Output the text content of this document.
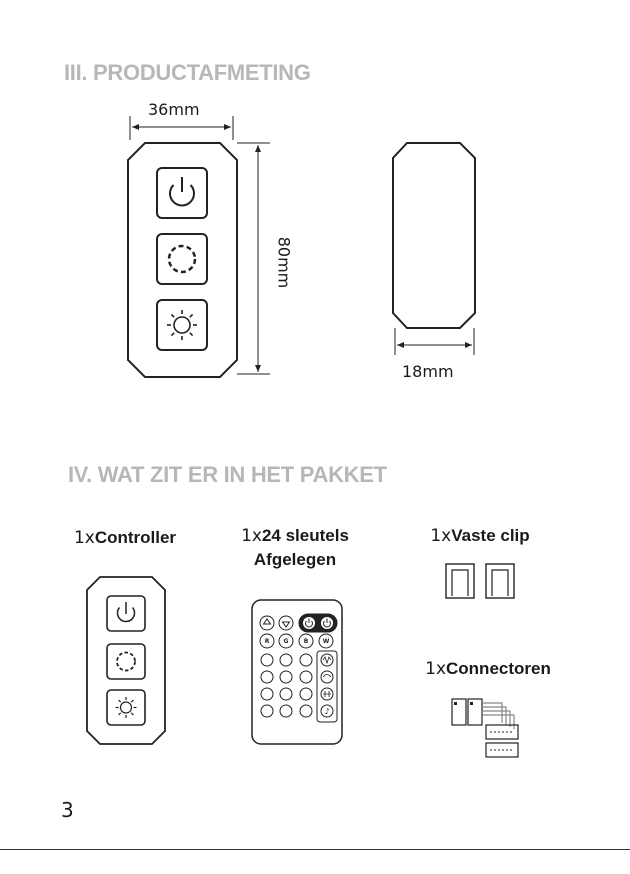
III. PRODUCTAFMETING
36mm
80mm
18mm
IV. WAT ZIT ER IN HET PAKKET
1xController	1x24 sleutels
Afgelegen
R G	B W
♪
1xVaste clip
1xConnectoren
3
